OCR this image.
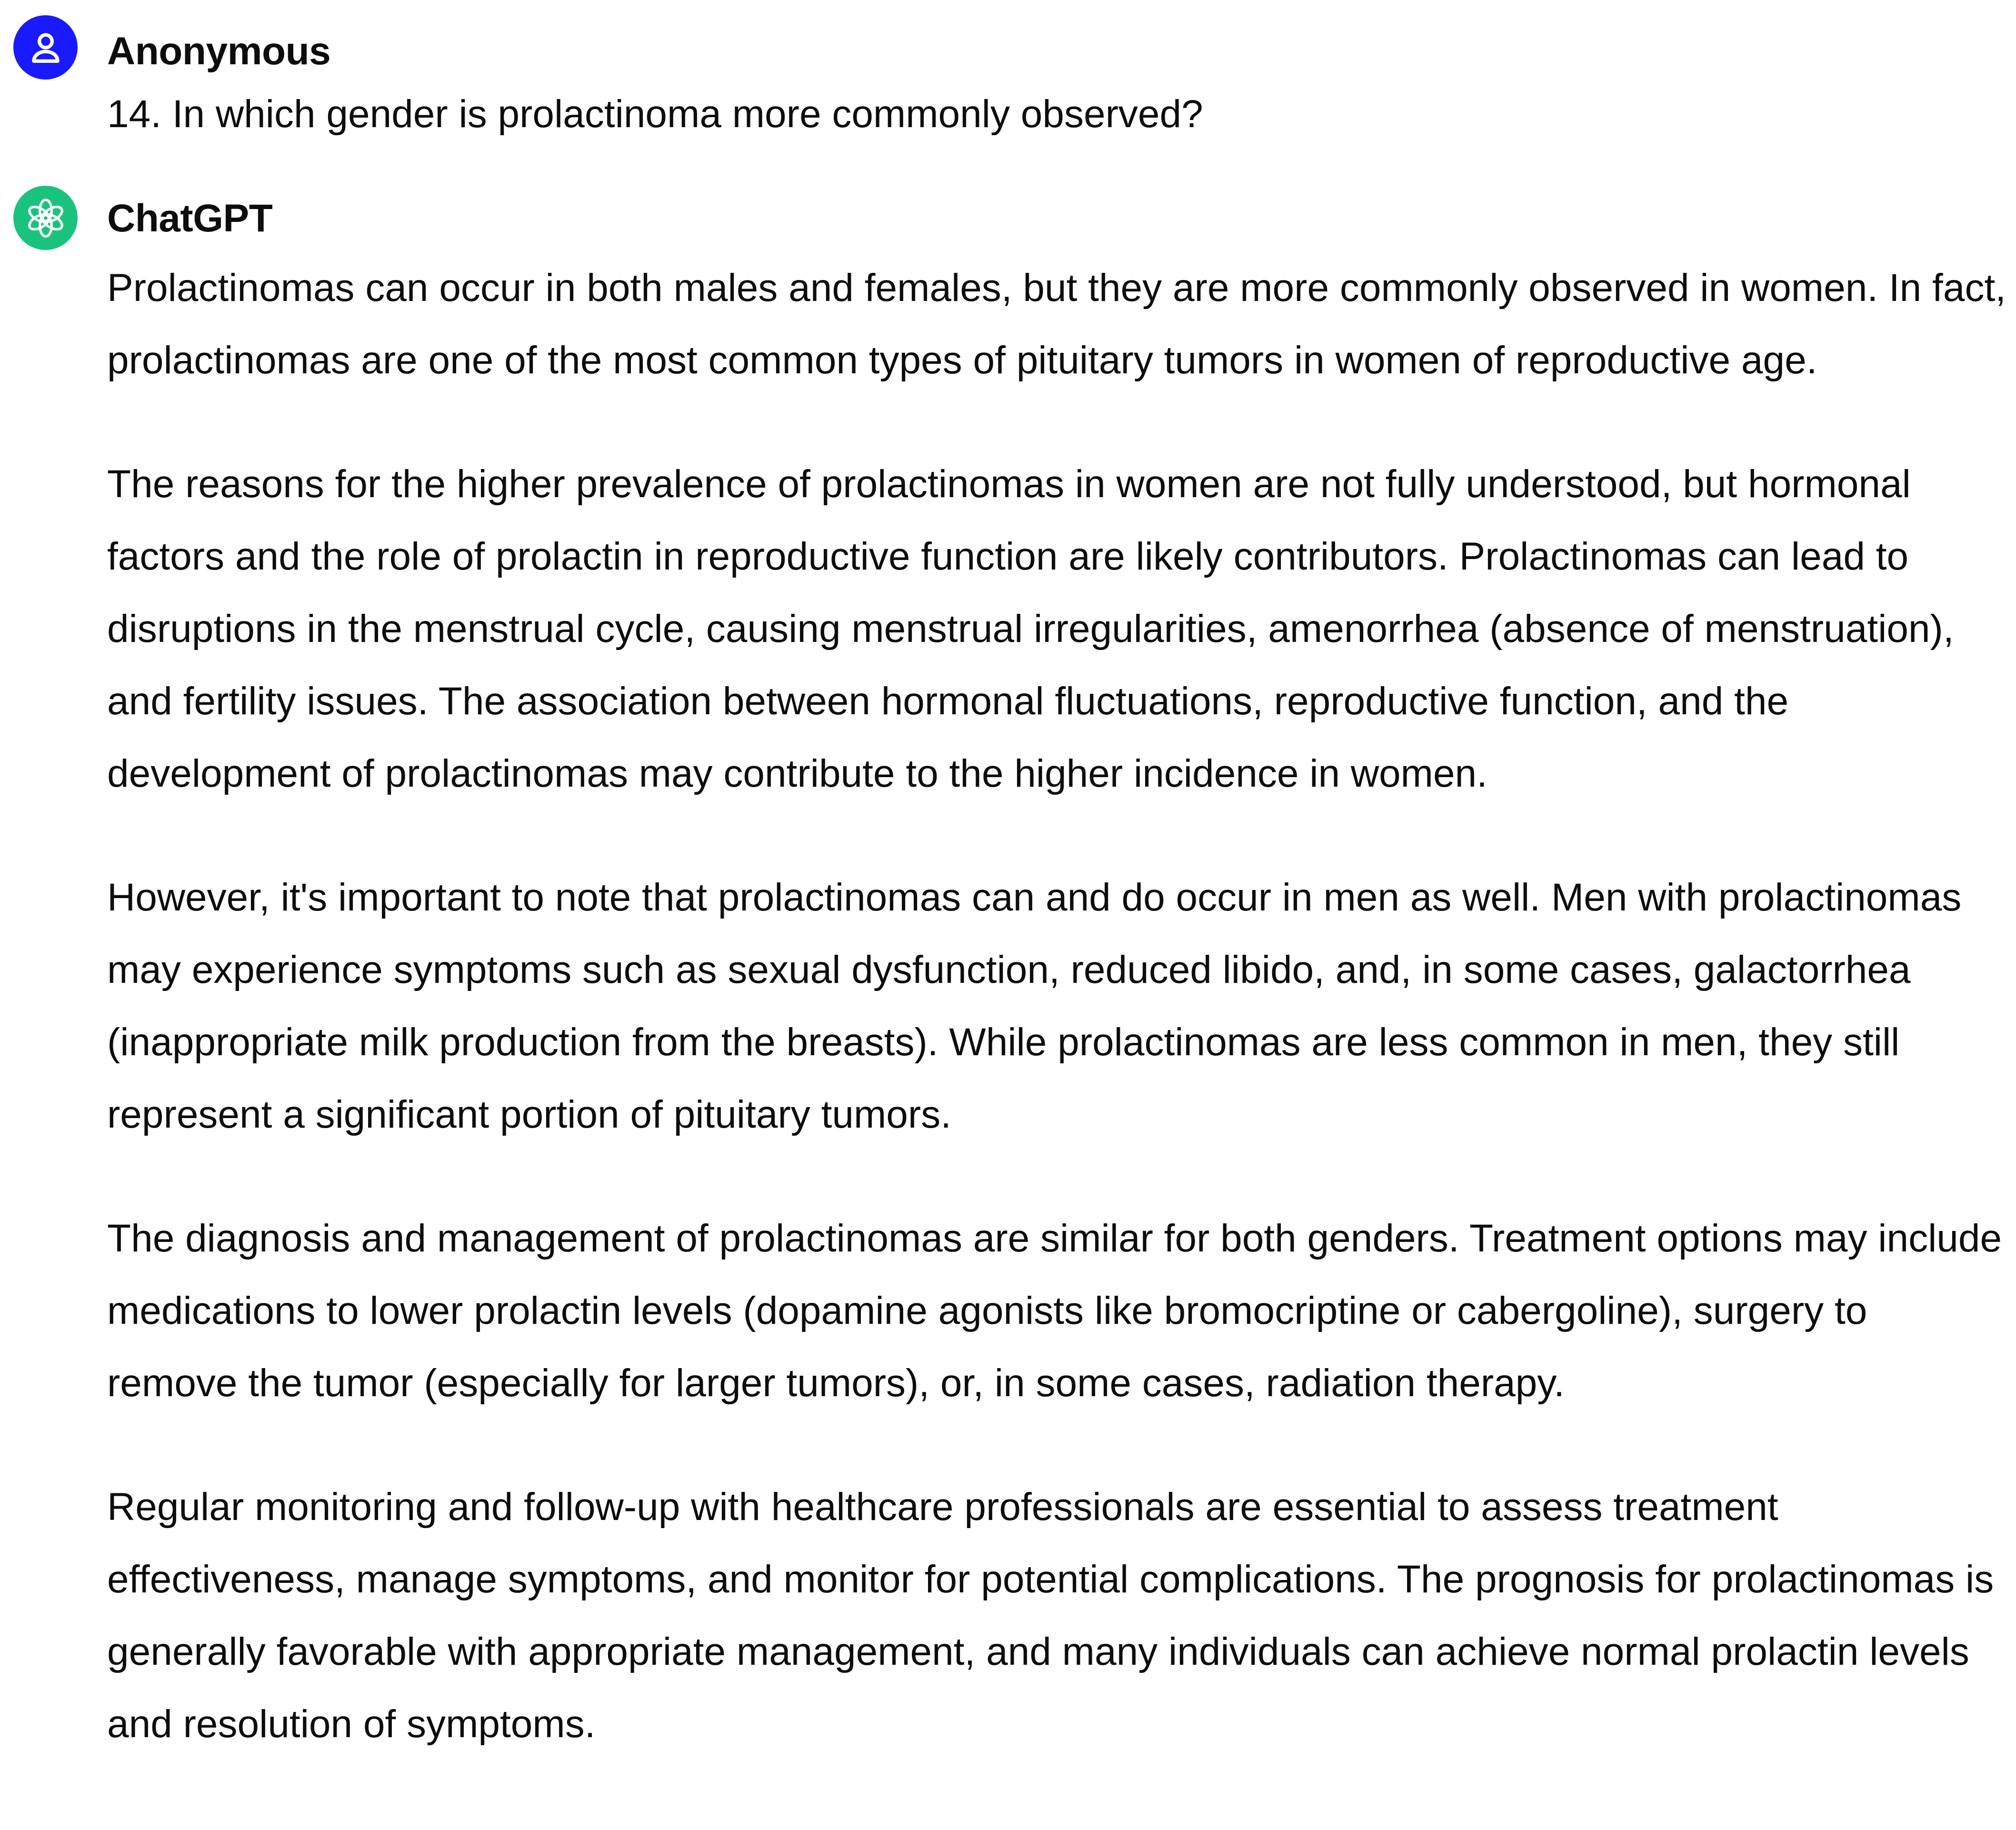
Anonymous
14. In which gender is prolactinoma more commonly observed?
ChatGPT

Prolactinomas can occur in both males and females, but they are more commonly observed in women. In fact, prolactinomas are one of the most common types of pituitary tumors in women of reproductive age.

The reasons for the higher prevalence of prolactinomas in women are not fully understood, but hormonal factors and the role of prolactin in reproductive function are likely contributors. Prolactinomas can lead to disruptions in the menstrual cycle, causing menstrual irregularities, amenorrhea (absence of menstruation), and fertility issues. The association between hormonal fluctuations, reproductive function, and the development of prolactinomas may contribute to the higher incidence in women.

However, it's important to note that prolactinomas can and do occur in men as well. Men with prolactinomas may experience symptoms such as sexual dysfunction, reduced libido, and, in some cases, galactorrhea (inappropriate milk production from the breasts). While prolactinomas are less common in men, they still represent a significant portion of pituitary tumors.

The diagnosis and management of prolactinomas are similar for both genders. Treatment options may include medications to lower prolactin levels (dopamine agonists like bromocriptine or cabergoline), surgery to remove the tumor (especially for larger tumors), or, in some cases, radiation therapy.

Regular monitoring and follow-up with healthcare professionals are essential to assess treatment effectiveness, manage symptoms, and monitor for potential complications. The prognosis for prolactinomas is generally favorable with appropriate management, and many individuals can achieve normal prolactin levels and resolution of symptoms.
